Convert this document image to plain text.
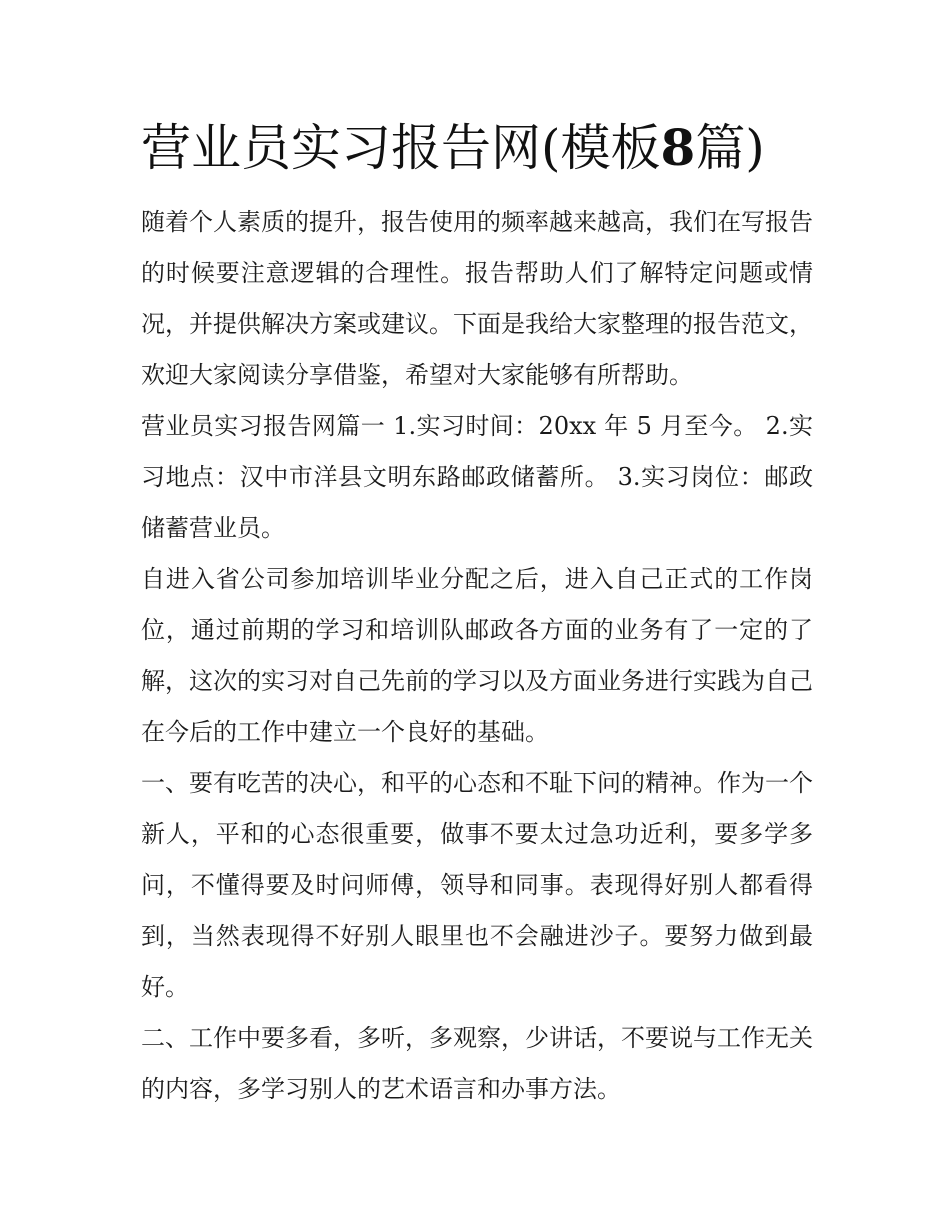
营业员实习报告网(模板8篇)

随着个人素质的提升，报告使用的频率越来越高，我们在写报告的时候要注意逻辑的合理性。报告帮助人们了解特定问题或情况，并提供解决方案或建议。下面是我给大家整理的报告范文，欢迎大家阅读分享借鉴，希望对大家能够有所帮助。

营业员实习报告网篇一 1.实习时间：20xx 年 5 月至今。 2.实习地点：汉中市洋县文明东路邮政储蓄所。 3.实习岗位：邮政储蓄营业员。

自进入省公司参加培训毕业分配之后，进入自己正式的工作岗位，通过前期的学习和培训队邮政各方面的业务有了一定的了解，这次的实习对自己先前的学习以及方面业务进行实践为自己在今后的工作中建立一个良好的基础。

一、要有吃苦的决心，和平的心态和不耻下问的精神。作为一个新人，平和的心态很重要，做事不要太过急功近利，要多学多问，不懂得要及时问师傅，领导和同事。表现得好别人都看得到，当然表现得不好别人眼里也不会融进沙子。要努力做到最好。

二、工作中要多看，多听，多观察，少讲话，不要说与工作无关的内容，多学习别人的艺术语言和办事方法。
